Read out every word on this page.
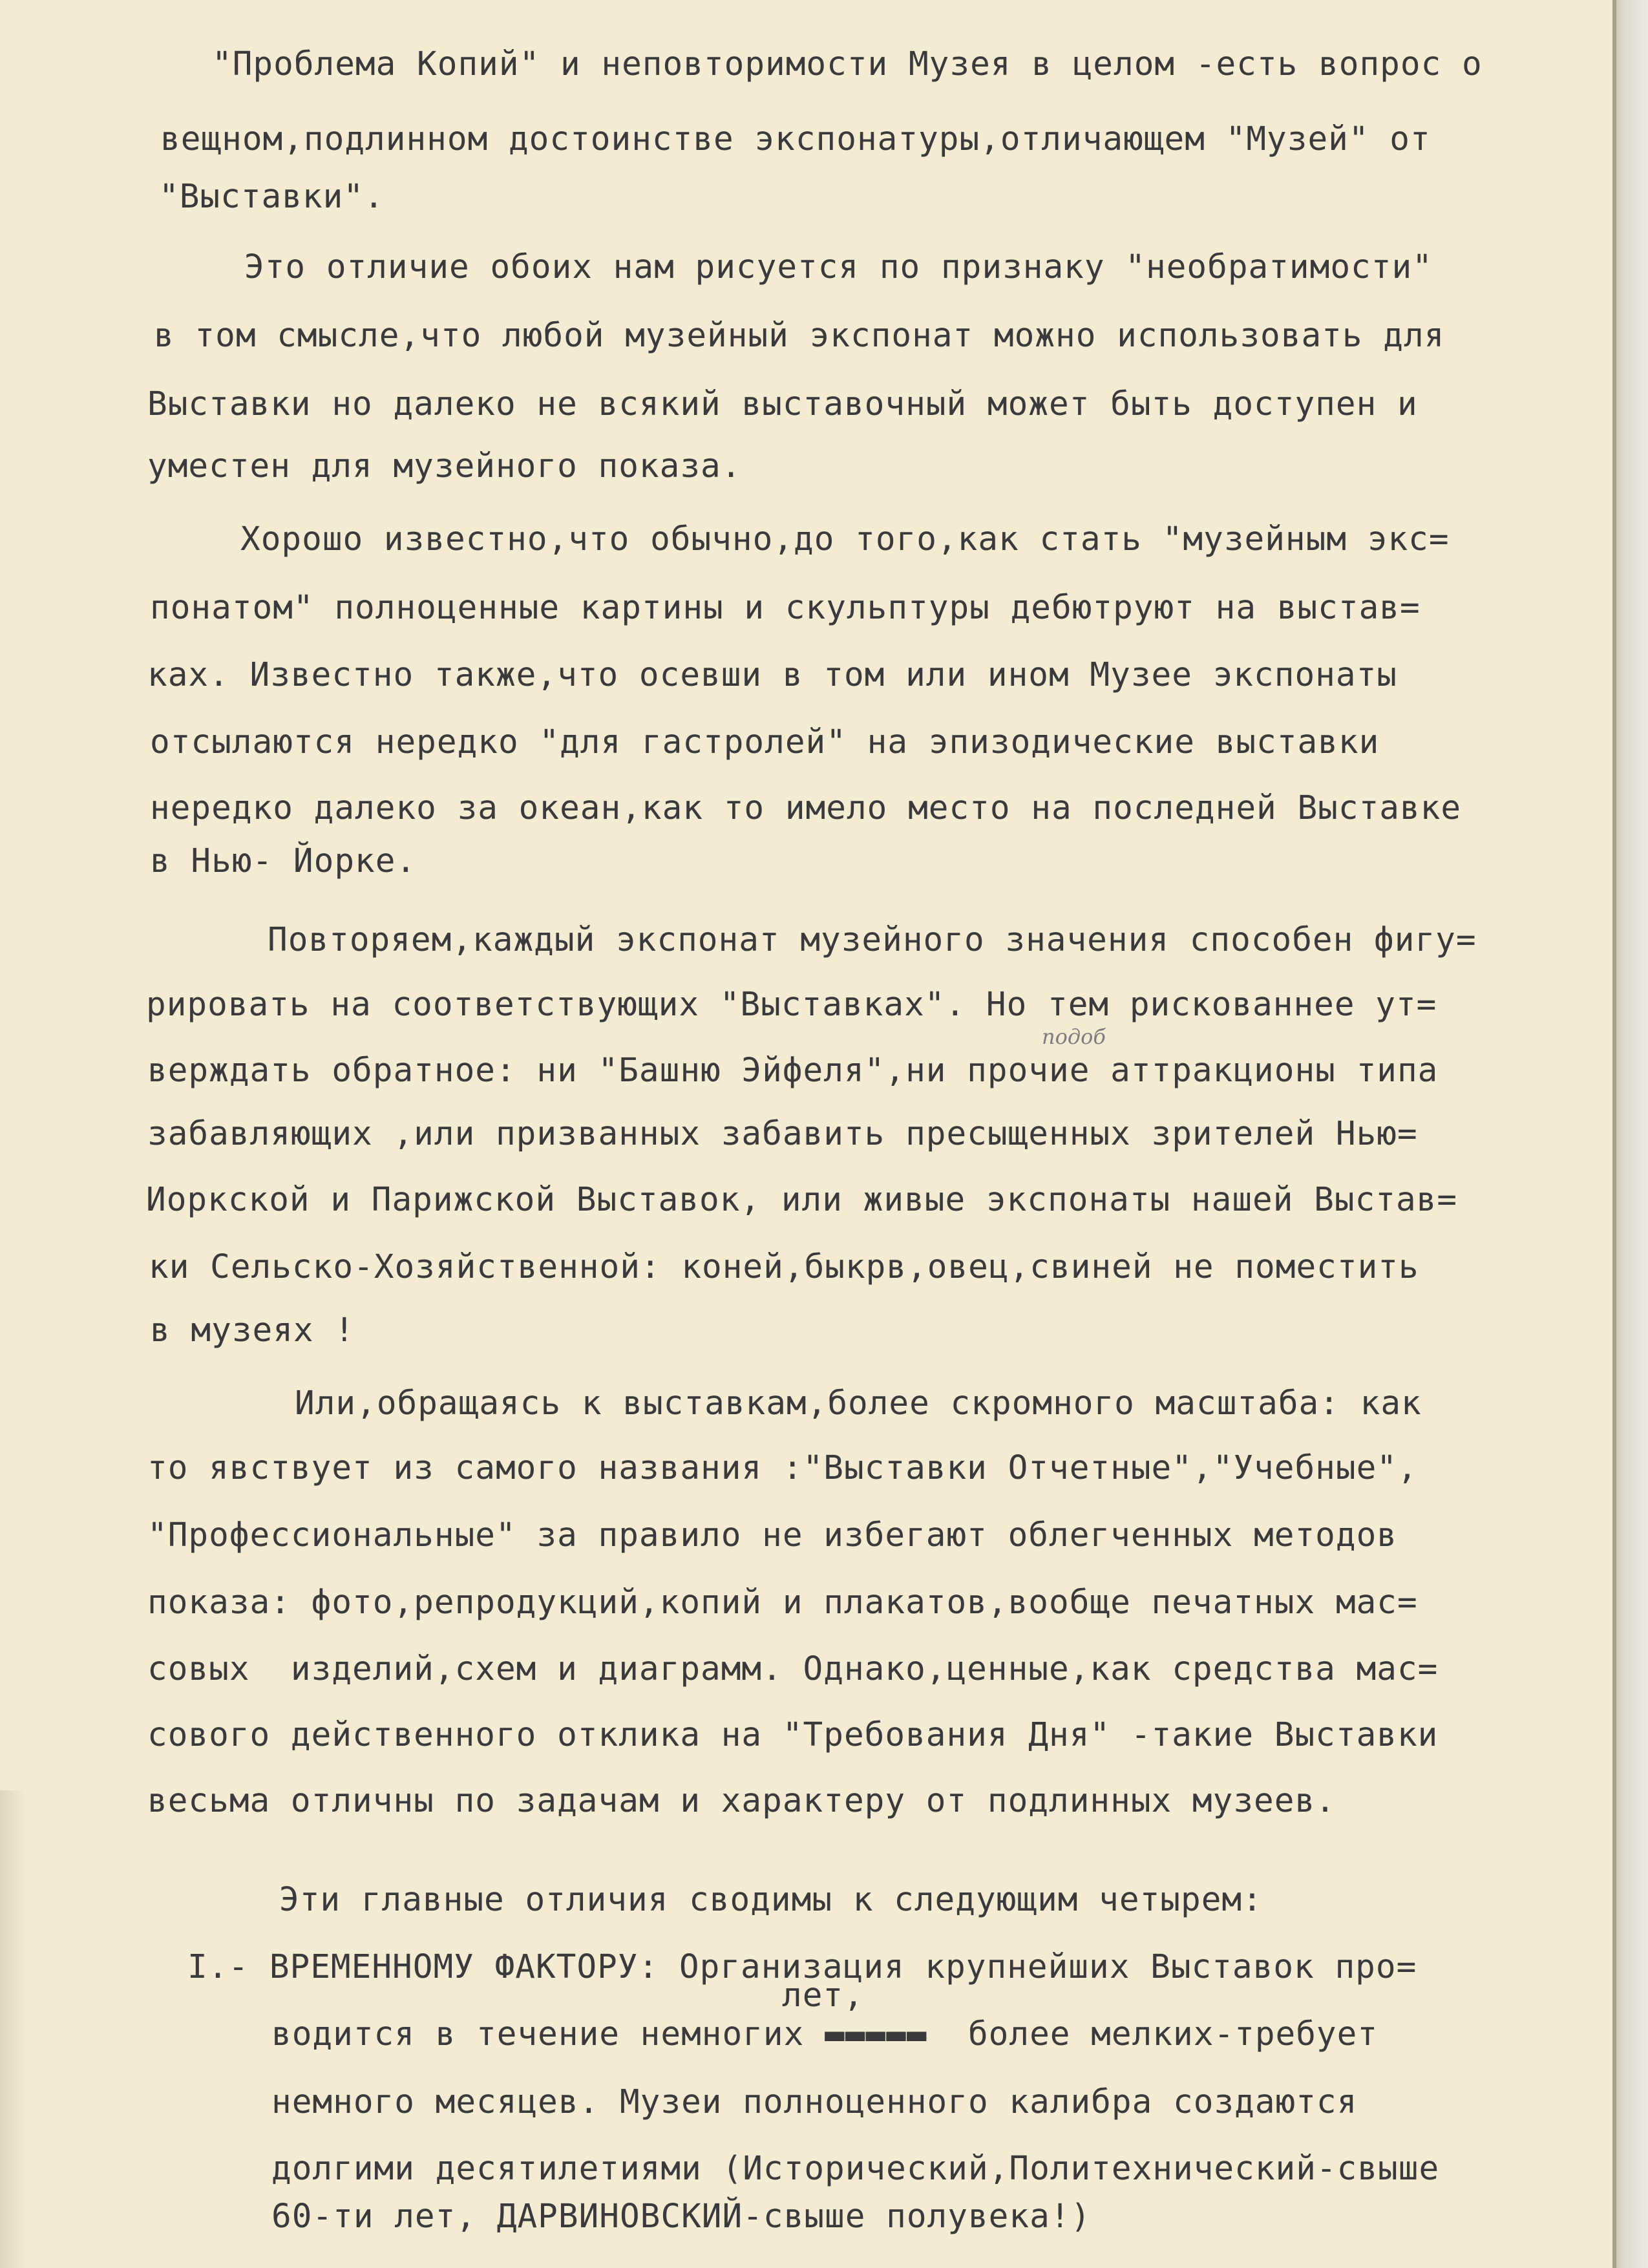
"Проблема Копий" и неповторимости Музея в целом -есть вопрос о
вещном,подлинном достоинстве экспонатуры,отличающем "Музей" от
"Выставки".
Это отличие обоих нам рисуется по признаку "необратимости"
в том смысле,что любой музейный экспонат можно использовать для
Выставки но далеко не всякий выставочный может быть доступен и
уместен для музейного показа.
Хорошо известно,что обычно,до того,как стать "музейным экс=
понатом" полноценные картины и скульптуры дебютруют на выстав=
ках. Известно также,что осевши в том или ином Музее экспонаты
отсылаются нередко "для гастролей" на эпизодические выставки
нередко далеко за океан,как то имело место на последней Выставке
в Нью- Йорке.
Повторяем,каждый экспонат музейного значения способен фигу=
рировать на соответствующих "Выставках". Но тем рискованнее ут=
подоб
верждать обратное: ни "Башню Эйфеля",ни прочие аттракционы типа
забавляющих ,или призванных забавить пресыщенных зрителей Нью=
Иоркской и Парижской Выставок, или живые экспонаты нашей Выстав=
ки Сельско-Хозяйственной: коней,быкрв,овец,свиней не поместить
в музеях !
Или,обращаясь к выставкам,более скромного масштаба: как
то явствует из самого названия :"Выставки Отчетные","Учебные",
"Профессиональные" за правило не избегают облегченных методов
показа: фото,репродукций,копий и плакатов,вообще печатных мас=
совых  изделий,схем и диаграмм. Однако,ценные,как средства мас=
сового действенного отклика на "Требования Дня" -такие Выставки
весьма отличны по задачам и характеру от подлинных музеев.
Эти главные отличия сводимы к следующим четырем:
I.- ВРЕМЕННОМУ ФАКТОРУ: Организация крупнейших Выставок про=
лет,
водится в течение немногих ▬▬▬▬▬  более мелких-требует
немного месяцев. Музеи полноценного калибра создаются
долгими десятилетиями (Исторический,Политехнический-свыше
60-ти лет, ДАРВИНОВСКИЙ-свыше полувека!)
